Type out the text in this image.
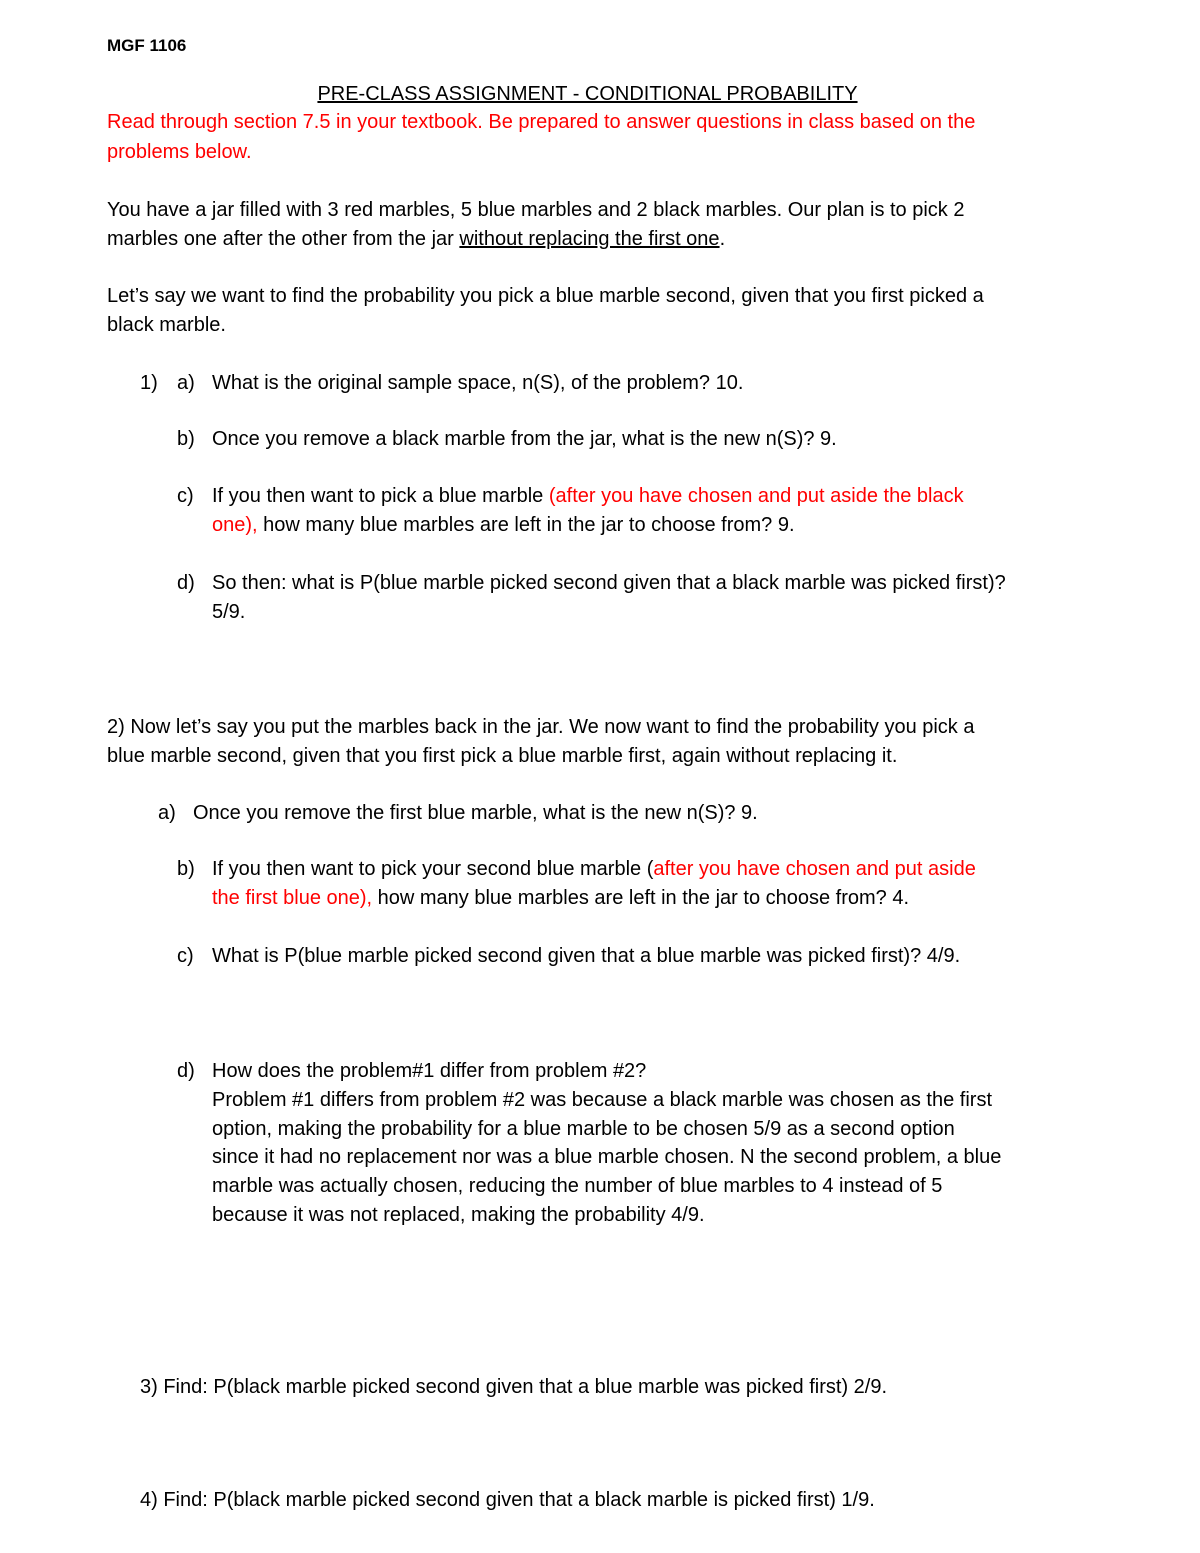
MGF 1106
PRE-CLASS ASSIGNMENT - CONDITIONAL PROBABILITY
Read through section 7.5 in your textbook. Be prepared to answer questions in class based on the
problems below.
You have a jar filled with 3 red marbles, 5 blue marbles and 2 black marbles. Our plan is to pick 2
marbles one after the other from the jar without replacing the first one.
Let’s say we want to find the probability you pick a blue marble second, given that you first picked a
black marble.
1) a) What is the original sample space, n(S), of the problem? 10.
b) Once you remove a black marble from the jar, what is the new n(S)? 9.
c) If you then want to pick a blue marble (after you have chosen and put aside the black
one), how many blue marbles are left in the jar to choose from? 9.
d) So then: what is P(blue marble picked second given that a black marble was picked first)?
5/9.
2) Now let’s say you put the marbles back in the jar. We now want to find the probability you pick a
blue marble second, given that you first pick a blue marble first, again without replacing it.
a) Once you remove the first blue marble, what is the new n(S)? 9.
b) If you then want to pick your second blue marble (after you have chosen and put aside
the first blue one), how many blue marbles are left in the jar to choose from? 4.
c) What is P(blue marble picked second given that a blue marble was picked first)? 4/9.
d) How does the problem#1 differ from problem #2?
Problem #1 differs from problem #2 was because a black marble was chosen as the first
option, making the probability for a blue marble to be chosen 5/9 as a second option
since it had no replacement nor was a blue marble chosen. N the second problem, a blue
marble was actually chosen, reducing the number of blue marbles to 4 instead of 5
because it was not replaced, making the probability 4/9.
3) Find: P(black marble picked second given that a blue marble was picked first) 2/9.
4) Find: P(black marble picked second given that a black marble is picked first) 1/9.
